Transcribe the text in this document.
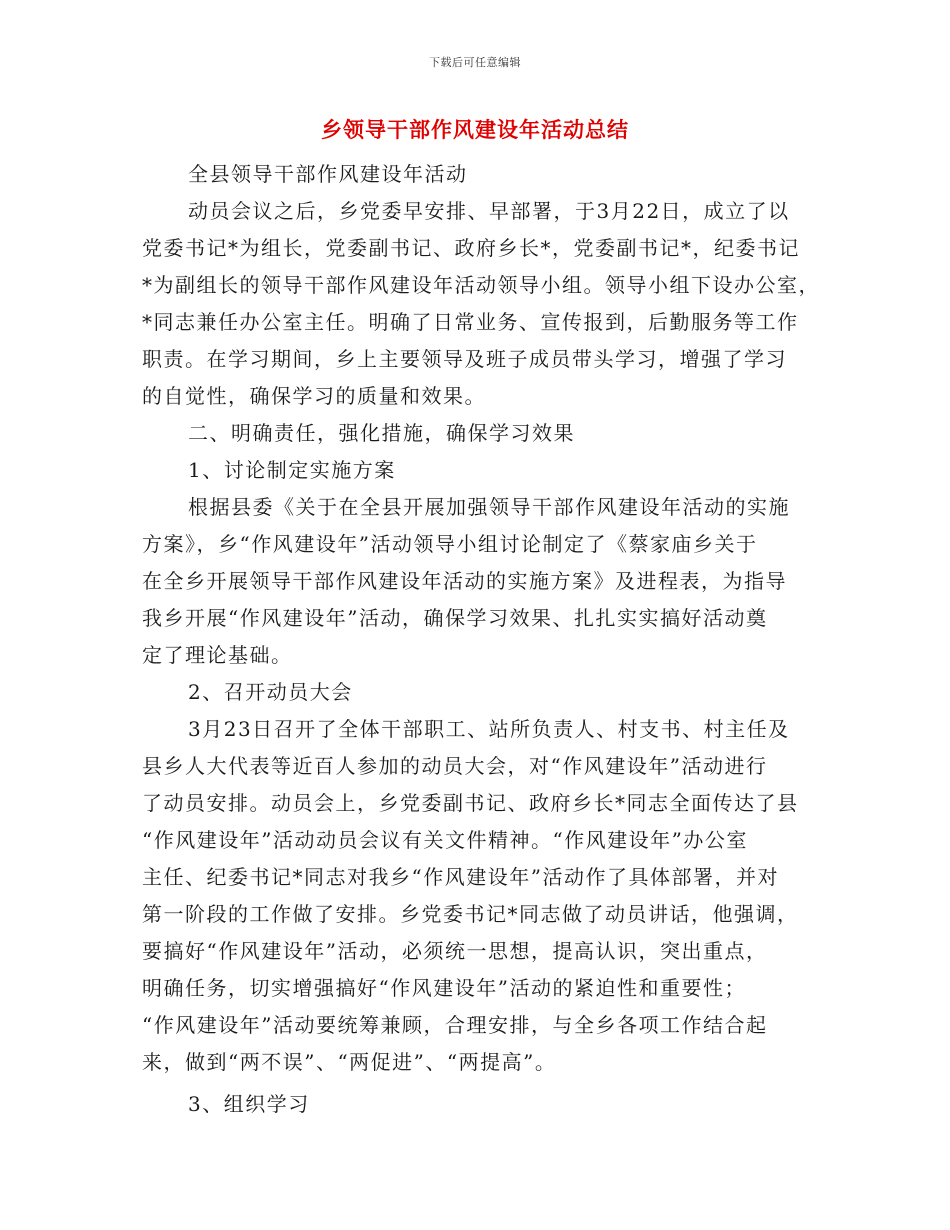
下载后可任意编辑
乡领导干部作风建设年活动总结
全县领导干部作风建设年活动
动员会议之后，乡党委早安排、早部署，于3月22日，成立了以
党委书记*为组长，党委副书记、政府乡长*，党委副书记*，纪委书记
*为副组长的领导干部作风建设年活动领导小组。领导小组下设办公室，
*同志兼任办公室主任。明确了日常业务、宣传报到，后勤服务等工作
职责。在学习期间，乡上主要领导及班子成员带头学习，增强了学习
的自觉性，确保学习的质量和效果。
二、明确责任，强化措施，确保学习效果
1、讨论制定实施方案
根据县委《关于在全县开展加强领导干部作风建设年活动的实施
方案》，乡“作风建设年”活动领导小组讨论制定了《蔡家庙乡关于
在全乡开展领导干部作风建设年活动的实施方案》及进程表，为指导
我乡开展“作风建设年”活动，确保学习效果、扎扎实实搞好活动奠
定了理论基础。
2、召开动员大会
3月23日召开了全体干部职工、站所负责人、村支书、村主任及
县乡人大代表等近百人参加的动员大会，对“作风建设年”活动进行
了动员安排。动员会上，乡党委副书记、政府乡长*同志全面传达了县
“作风建设年”活动动员会议有关文件精神。“作风建设年”办公室
主任、纪委书记*同志对我乡“作风建设年”活动作了具体部署，并对
第一阶段的工作做了安排。乡党委书记*同志做了动员讲话，他强调，
要搞好“作风建设年”活动，必须统一思想，提高认识，突出重点，
明确任务，切实增强搞好“作风建设年”活动的紧迫性和重要性；
“作风建设年”活动要统筹兼顾，合理安排，与全乡各项工作结合起
来，做到“两不误”、“两促进”、“两提高”。
3、组织学习
